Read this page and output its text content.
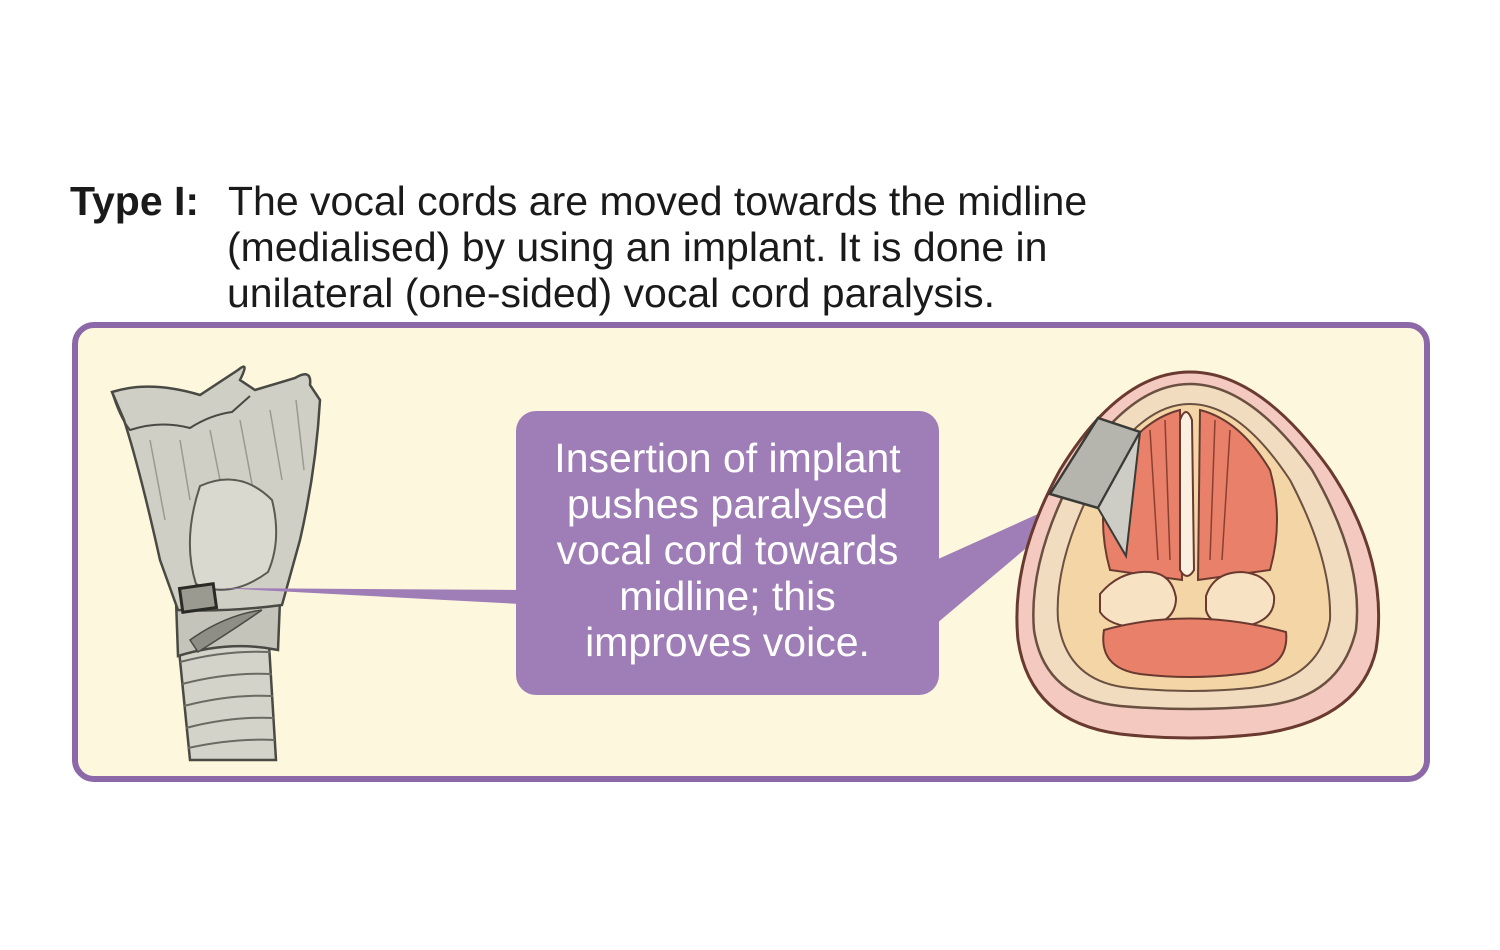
Type I: The vocal cords are moved towards the midline
(medialised) by using an implant. It is done in
unilateral (one-sided) vocal cord paralysis.
Insertion of implant
pushes paralysed
vocal cord towards
midline; this
improves voice.
